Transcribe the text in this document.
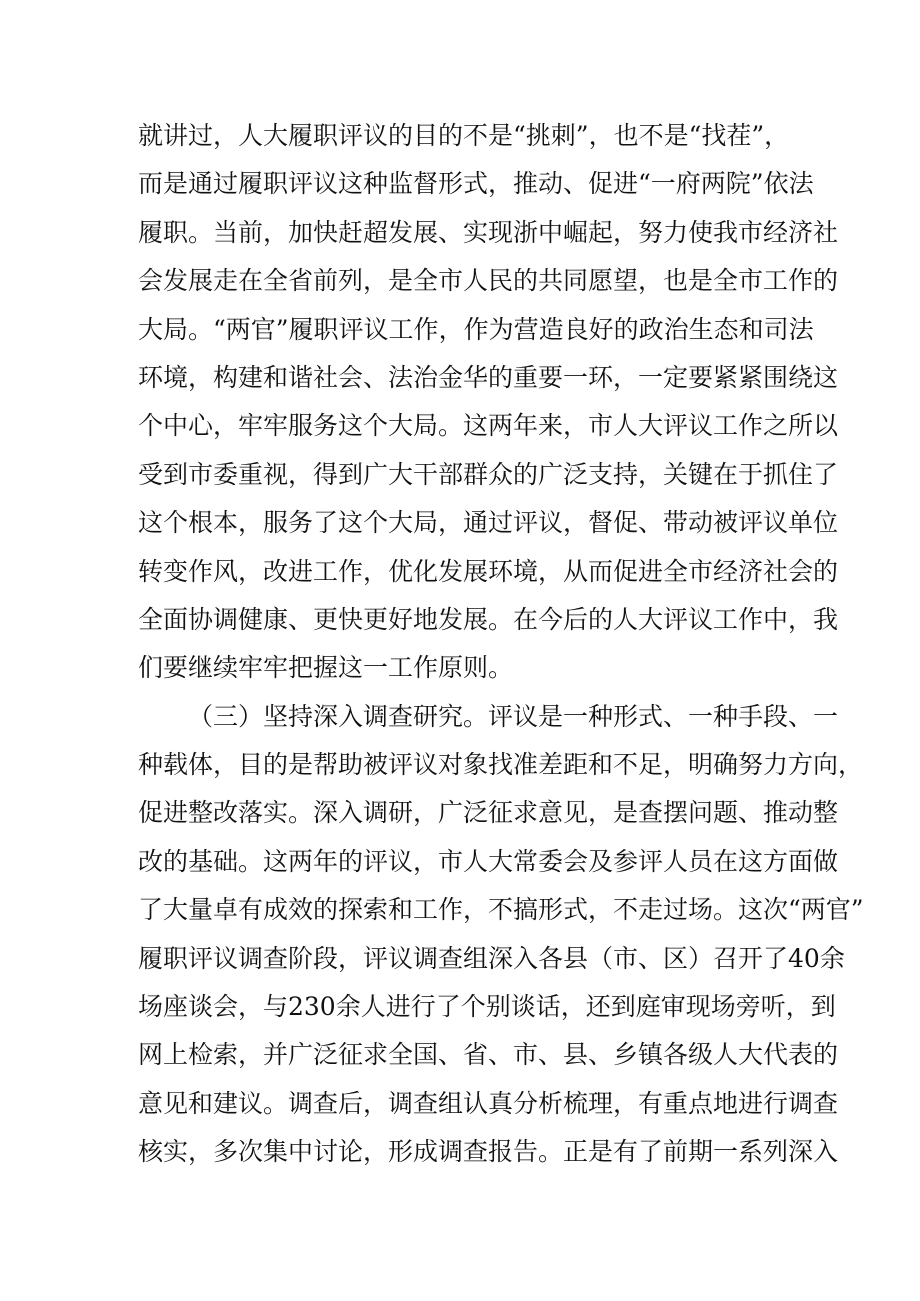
就讲过，人大履职评议的目的不是“挑刺”，也不是“找茬”，
而是通过履职评议这种监督形式，推动、促进“一府两院”依法
履职。当前，加快赶超发展、实现浙中崛起，努力使我市经济社
会发展走在全省前列，是全市人民的共同愿望，也是全市工作的
大局。“两官”履职评议工作，作为营造良好的政治生态和司法
环境，构建和谐社会、法治金华的重要一环，一定要紧紧围绕这
个中心，牢牢服务这个大局。这两年来，市人大评议工作之所以
受到市委重视，得到广大干部群众的广泛支持，关键在于抓住了
这个根本，服务了这个大局，通过评议，督促、带动被评议单位
转变作风，改进工作，优化发展环境，从而促进全市经济社会的
全面协调健康、更快更好地发展。在今后的人大评议工作中，我
们要继续牢牢把握这一工作原则。
（三）坚持深入调查研究。评议是一种形式、一种手段、一
种载体，目的是帮助被评议对象找准差距和不足，明确努力方向，
促进整改落实。深入调研，广泛征求意见，是查摆问题、推动整
改的基础。这两年的评议，市人大常委会及参评人员在这方面做
了大量卓有成效的探索和工作，不搞形式，不走过场。这次“两官”
履职评议调查阶段，评议调查组深入各县（市、区）召开了40余
场座谈会，与230余人进行了个别谈话，还到庭审现场旁听，到
网上检索，并广泛征求全国、省、市、县、乡镇各级人大代表的
意见和建议。调查后，调查组认真分析梳理，有重点地进行调查
核实，多次集中讨论，形成调查报告。正是有了前期一系列深入
